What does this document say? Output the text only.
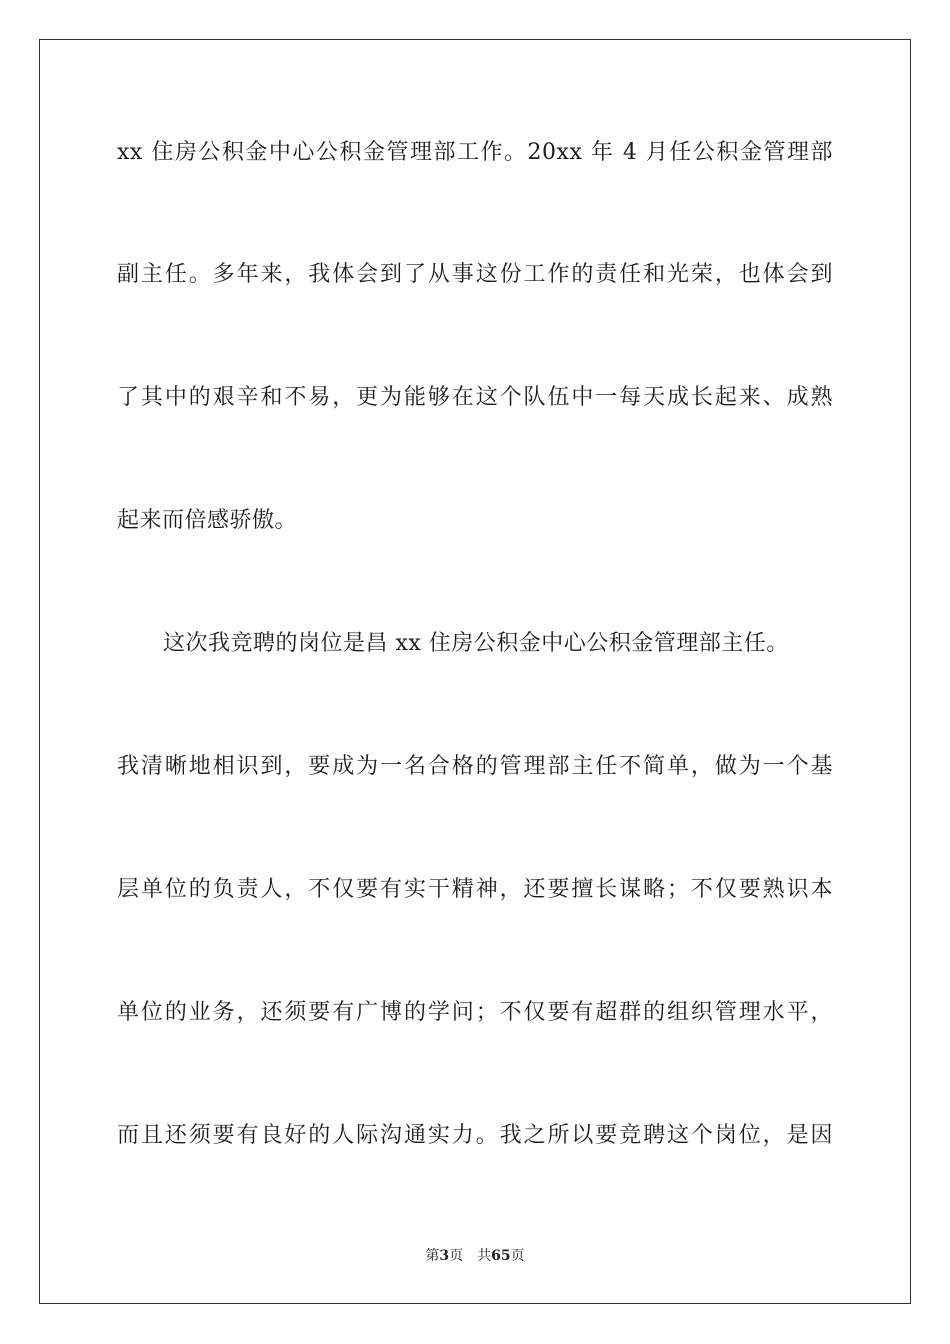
xx 住房公积金中心公积金管理部工作。20xx 年 4 月任公积金管理部
副主任。多年来，我体会到了从事这份工作的责任和光荣，也体会到
了其中的艰辛和不易，更为能够在这个队伍中一每天成长起来、成熟
起来而倍感骄傲。
这次我竞聘的岗位是昌 xx 住房公积金中心公积金管理部主任。
我清晰地相识到，要成为一名合格的管理部主任不简单，做为一个基
层单位的负责人，不仅要有实干精神，还要擅长谋略；不仅要熟识本
单位的业务，还须要有广博的学问；不仅要有超群的组织管理水平，
而且还须要有良好的人际沟通实力。我之所以要竞聘这个岗位，是因
第3页 共65页
